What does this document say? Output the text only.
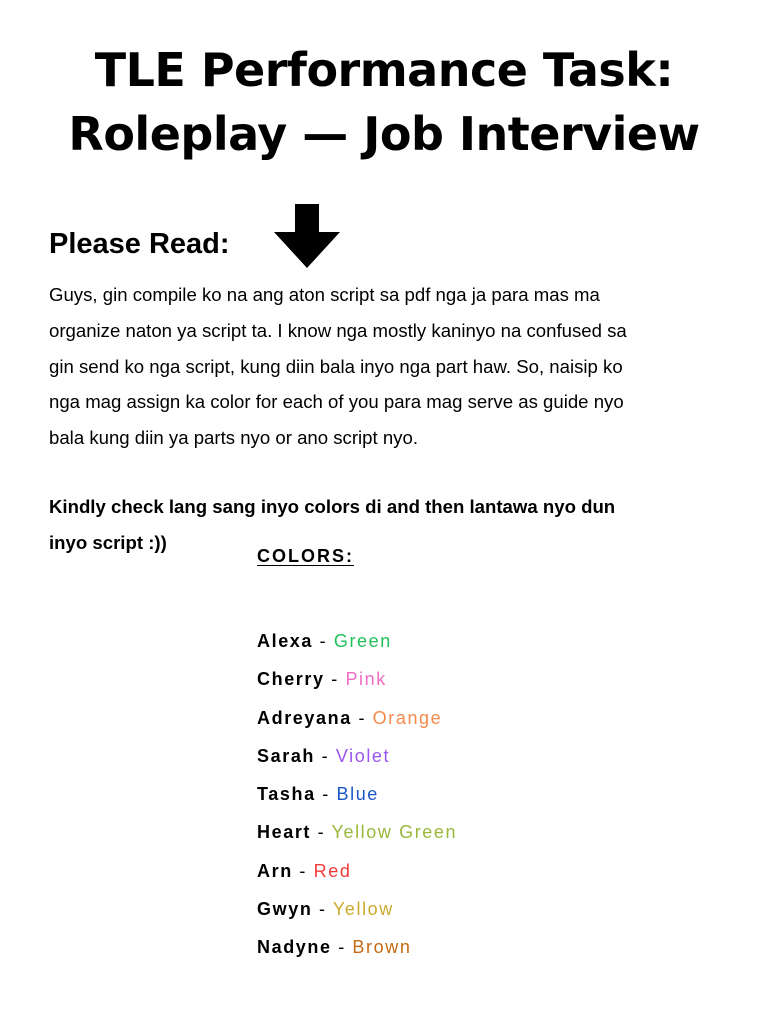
TLE Performance Task:
Roleplay — Job Interview
Please Read:
Guys, gin compile ko na ang aton script sa pdf nga ja para mas ma
organize naton ya script ta. I know nga mostly kaninyo na confused sa
gin send ko nga script, kung diin bala inyo nga part haw. So, naisip ko
nga mag assign ka color for each of you para mag serve as guide nyo
bala kung diin ya parts nyo or ano script nyo.
Kindly check lang sang inyo colors di and then lantawa nyo dun
inyo script :))
COLORS:
Alexa - Green
Cherry - Pink
Adreyana - Orange
Sarah - Violet
Tasha - Blue
Heart - Yellow Green
Arn - Red
Gwyn - Yellow
Nadyne - Brown
